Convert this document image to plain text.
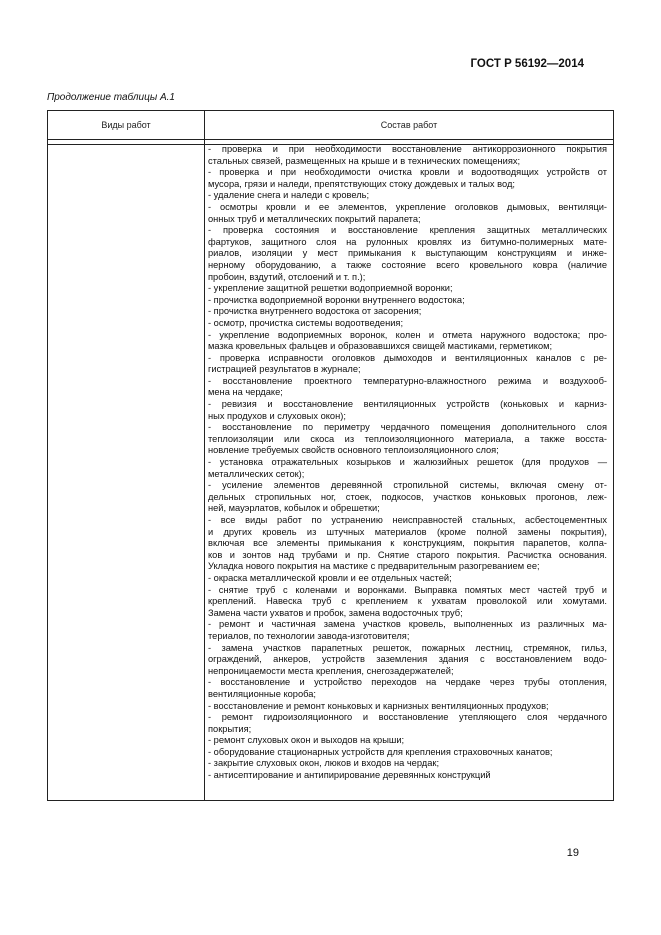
ГОСТ Р 56192—2014
Продолжение таблицы А.1
Виды работ	Состав работ
- проверка и при необходимости восстановление антикоррозионного покрытия
стальных связей, размещенных на крыше и в технических помещениях;
- проверка и при необходимости очистка кровли и водоотводящих устройств от
мусора, грязи и наледи, препятствующих стоку дождевых и талых вод;
- удаление снега и наледи с кровель;
- осмотры кровли и ее элементов, укрепление оголовков дымовых, вентиляци-
онных труб и металлических покрытий парапета;
- проверка состояния и восстановление крепления защитных металлических
фартуков, защитного слоя на рулонных кровлях из битумно-полимерных мате-
риалов, изоляции у мест примыкания к выступающим конструкциям и инже-
нерному оборудованию, а также состояние всего кровельного ковра (наличие
пробоин, вздутий, отслоений и т. п.);
- укрепление защитной решетки водоприемной воронки;
- прочистка водоприемной воронки внутреннего водостока;
- прочистка внутреннего водостока от засорения;
- осмотр, прочистка системы водоотведения;
- укрепление водоприемных воронок, колен и отмета наружного водостока; про-
мазка кровельных фальцев и образовавшихся свищей мастиками, герметиком;
- проверка исправности оголовков дымоходов и вентиляционных каналов с ре-
гистрацией результатов в журнале;
- восстановление проектного температурно-влажностного режима и воздухооб-
мена на чердаке;
- ревизия и восстановление вентиляционных устройств (коньковых и карниз-
ных продухов и слуховых окон);
- восстановление по периметру чердачного помещения дополнительного слоя
теплоизоляции или скоса из теплоизоляционного материала, а также восста-
новление требуемых свойств основного теплоизоляционного слоя;
- установка отражательных козырьков и жалюзийных решеток (для продухов —
металлических сеток);
- усиление элементов деревянной стропильной системы, включая смену от-
дельных стропильных ног, стоек, подкосов, участков коньковых прогонов, леж-
ней, мауэрлатов, кобылок и обрешетки;
- все виды работ по устранению неисправностей стальных, асбестоцементных
и других кровель из штучных материалов (кроме полной замены покрытия),
включая все элементы примыкания к конструкциям, покрытия парапетов, колпа-
ков и зонтов над трубами и пр. Снятие старого покрытия. Расчистка основания.
Укладка нового покрытия на мастике с предварительным разогреванием ее;
- окраска металлической кровли и ее отдельных частей;
- снятие труб с коленами и воронками. Выправка помятых мест частей труб и
креплений. Навеска труб с креплением к ухватам проволокой или хомутами.
Замена части ухватов и пробок, замена водосточных труб;
- ремонт и частичная замена участков кровель, выполненных из различных ма-
териалов, по технологии завода-изготовителя;
- замена участков парапетных решеток, пожарных лестниц, стремянок, гильз,
ограждений, анкеров, устройств заземления здания с восстановлением водо-
непроницаемости места крепления, снегозадержателей;
- восстановление и устройство переходов на чердаке через трубы отопления,
вентиляционные короба;
- восстановление и ремонт коньковых и карнизных вентиляционных продухов;
- ремонт гидроизоляционного и восстановление утепляющего слоя чердачного
покрытия;
- ремонт слуховых окон и выходов на крыши;
- оборудование стационарных устройств для крепления страховочных канатов;
- закрытие слуховых окон, люков и входов на чердак;
- антисептирование и антипирирование деревянных конструкций
19
